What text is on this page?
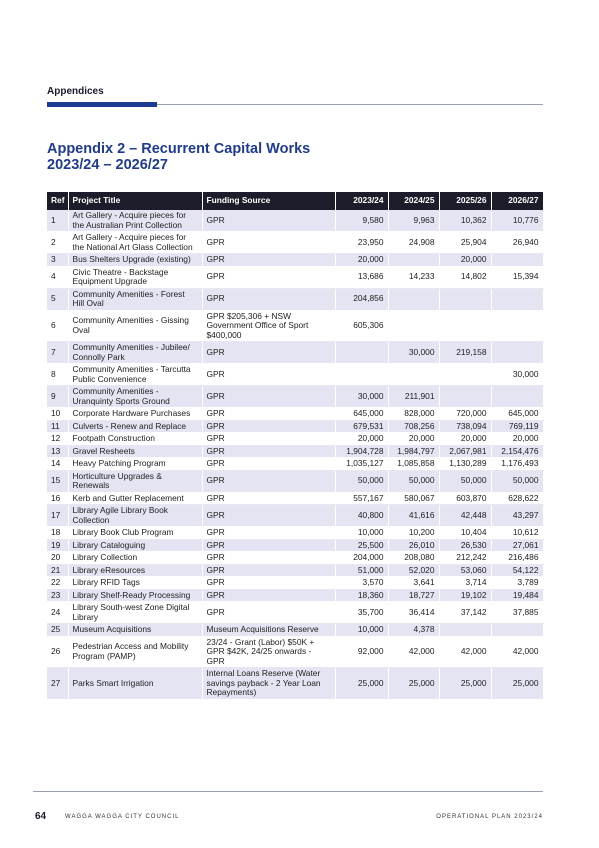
Appendices
Appendix 2 – Recurrent Capital Works
2023/24 – 2026/27
Ref	Project Title	Funding Source	2023/24	2024/25	2025/26	2026/27
1	Art Gallery - Acquire pieces for the Australian Print Collection	GPR	9,580	9,963	10,362	10,776
2	Art Gallery - Acquire pieces for the National Art Glass Collection	GPR	23,950	24,908	25,904	26,940
3	Bus Shelters Upgrade (existing)	GPR	20,000		20,000	
4	Civic Theatre - Backstage Equipment Upgrade	GPR	13,686	14,233	14,802	15,394
5	Community Amenities - Forest Hill Oval	GPR	204,856			
6	Community Amenities - Gissing Oval	GPR $205,306 + NSW Government Office of Sport $400,000	605,306			
7	Community Amenities - Jubilee/ Connolly Park	GPR		30,000	219,158	
8	Community Amenities - Tarcutta Public Convenience	GPR				30,000
9	Community Amenities - Uranquinty Sports Ground	GPR	30,000	211,901		
10	Corporate Hardware Purchases	GPR	645,000	828,000	720,000	645,000
11	Culverts - Renew and Replace	GPR	679,531	708,256	738,094	769,119
12	Footpath Construction	GPR	20,000	20,000	20,000	20,000
13	Gravel Resheets	GPR	1,904,728	1,984,797	2,067,981	2,154,476
14	Heavy Patching Program	GPR	1,035,127	1,085,858	1,130,289	1,176,493
15	Horticulture Upgrades & Renewals	GPR	50,000	50,000	50,000	50,000
16	Kerb and Gutter Replacement	GPR	557,167	580,067	603,870	628,622
17	Library Agile Library Book Collection	GPR	40,800	41,616	42,448	43,297
18	Library Book Club Program	GPR	10,000	10,200	10,404	10,612
19	Library Cataloguing	GPR	25,500	26,010	26,530	27,061
20	Library Collection	GPR	204,000	208,080	212,242	216,486
21	Library eResources	GPR	51,000	52,020	53,060	54,122
22	Library RFID Tags	GPR	3,570	3,641	3,714	3,789
23	Library Shelf-Ready Processing	GPR	18,360	18,727	19,102	19,484
24	Library South-west Zone Digital Library	GPR	35,700	36,414	37,142	37,885
25	Museum Acquisitions	Museum Acquisitions Reserve	10,000	4,378		
26	Pedestrian Access and Mobility Program (PAMP)	23/24 - Grant (Labor) $50K + GPR $42K, 24/25 onwards - GPR	92,000	42,000	42,000	42,000
27	Parks Smart Irrigation	Internal Loans Reserve (Water savings payback - 2 Year Loan Repayments)	25,000	25,000	25,000	25,000
64	WAGGA WAGGA CITY COUNCIL	OPERATIONAL PLAN 2023/24
